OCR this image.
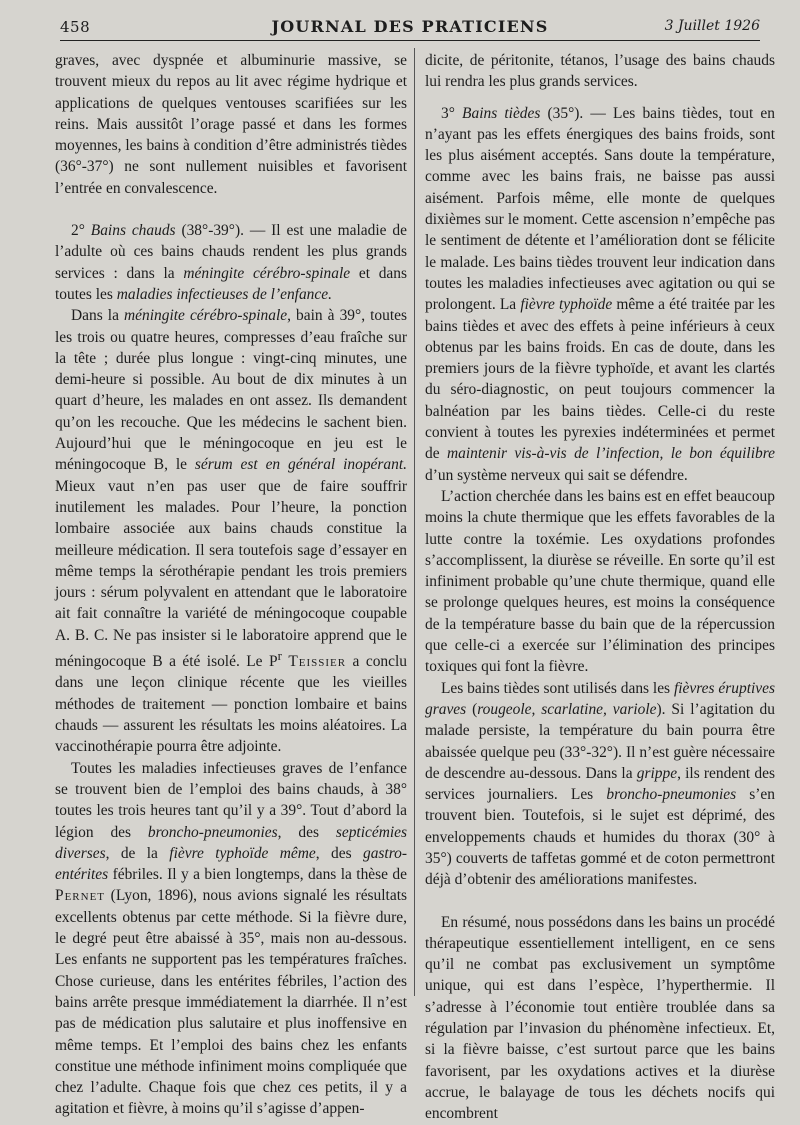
458	JOURNAL DES PRATICIENS	3 Juillet 1926

graves, avec dyspnée et albuminurie massive, se trouvent mieux du repos au lit avec régime hydrique et applications de quelques ventouses scarifiées sur les reins. Mais aussitôt l’orage passé et dans les formes moyennes, les bains à condition d’être administrés tièdes (36°-37°) ne sont nullement nuisibles et favorisent l’entrée en convalescence.

2° Bains chauds (38°-39°). — Il est une maladie de l’adulte où ces bains chauds rendent les plus grands services : dans la méningite cérébro-spinale et dans toutes les maladies infectieuses de l’enfance.

Dans la méningite cérébro-spinale, bain à 39°, toutes les trois ou quatre heures, compresses d’eau fraîche sur la tête ; durée plus longue : vingt-cinq minutes, une demi-heure si possible. Au bout de dix minutes à un quart d’heure, les malades en ont assez. Ils demandent qu’on les recouche. Que les médecins le sachent bien. Aujourd’hui que le méningocoque en jeu est le méningocoque B, le sérum est en général inopérant. Mieux vaut n’en pas user que de faire souffrir inutilement les malades. Pour l’heure, la ponction lombaire associée aux bains chauds constitue la meilleure médication. Il sera toutefois sage d’essayer en même temps la sérothérapie pendant les trois premiers jours : sérum polyvalent en attendant que le laboratoire ait fait connaître la variété de méningocoque coupable A. B. C. Ne pas insister si le laboratoire apprend que le méningocoque B a été isolé. Le $P^r$ Teissier a conclu dans une leçon clinique récente que les vieilles méthodes de traitement — ponction lombaire et bains chauds — assurent les résultats les moins aléatoires. La vaccinothérapie pourra être adjointe.

Toutes les maladies infectieuses graves de l’enfance se trouvent bien de l’emploi des bains chauds, à 38° toutes les trois heures tant qu’il y a 39°. Tout d’abord la légion des broncho-pneumonies, des septicémies diverses, de la fièvre typhoïde même, des gastro-entérites fébriles. Il y a bien longtemps, dans la thèse de Pernet (Lyon, 1896), nous avions signalé les résultats excellents obtenus par cette méthode. Si la fièvre dure, le degré peut être abaissé à 35°, mais non au-dessous. Les enfants ne supportent pas les températures fraîches. Chose curieuse, dans les entérites fébriles, l’action des bains arrête presque immédiatement la diarrhée. Il n’est pas de médication plus salutaire et plus inoffensive en même temps. Et l’emploi des bains chez les enfants constitue une méthode infiniment moins compliquée que chez l’adulte. Chaque fois que chez ces petits, il y a agitation et fièvre, à moins qu’il s’agisse d’appen-

dicite, de péritonite, tétanos, l’usage des bains chauds lui rendra les plus grands services.

3° Bains tièdes (35°). — Les bains tièdes, tout en n’ayant pas les effets énergiques des bains froids, sont les plus aisément acceptés. Sans doute la température, comme avec les bains frais, ne baisse pas aussi aisément. Parfois même, elle monte de quelques dixièmes sur le moment. Cette ascension n’empêche pas le sentiment de détente et l’amélioration dont se félicite le malade. Les bains tièdes trouvent leur indication dans toutes les maladies infectieuses avec agitation ou qui se prolongent. La fièvre typhoïde même a été traitée par les bains tièdes et avec des effets à peine inférieurs à ceux obtenus par les bains froids. En cas de doute, dans les premiers jours de la fièvre typhoïde, et avant les clartés du séro-diagnostic, on peut toujours commencer la balnéation par les bains tièdes. Celle-ci du reste convient à toutes les pyrexies indéterminées et permet de maintenir vis-à-vis de l’infection, le bon équilibre d’un système nerveux qui sait se défendre.

L’action cherchée dans les bains est en effet beaucoup moins la chute thermique que les effets favorables de la lutte contre la toxémie. Les oxydations profondes s’accomplissent, la diurèse se réveille. En sorte qu’il est infiniment probable qu’une chute thermique, quand elle se prolonge quelques heures, est moins la conséquence de la température basse du bain que de la répercussion que celle-ci a exercée sur l’élimination des principes toxiques qui font la fièvre.

Les bains tièdes sont utilisés dans les fièvres éruptives graves (rougeole, scarlatine, variole). Si l’agitation du malade persiste, la température du bain pourra être abaissée quelque peu (33°-32°). Il n’est guère nécessaire de descendre au-dessous. Dans la grippe, ils rendent des services journaliers. Les broncho-pneumonies s’en trouvent bien. Toutefois, si le sujet est déprimé, des enveloppements chauds et humides du thorax (30° à 35°) couverts de taffetas gommé et de coton permettront déjà d’obtenir des améliorations manifestes.

En résumé, nous possédons dans les bains un procédé thérapeutique essentiellement intelligent, en ce sens qu’il ne combat pas exclusivement un symptôme unique, qui est dans l’espèce, l’hyperthermie. Il s’adresse à l’économie tout entière troublée dans sa régulation par l’invasion du phénomène infectieux. Et, si la fièvre baisse, c’est surtout parce que les bains favorisent, par les oxydations actives et la diurèse accrue, le balayage de tous les déchets nocifs qui encombrent
